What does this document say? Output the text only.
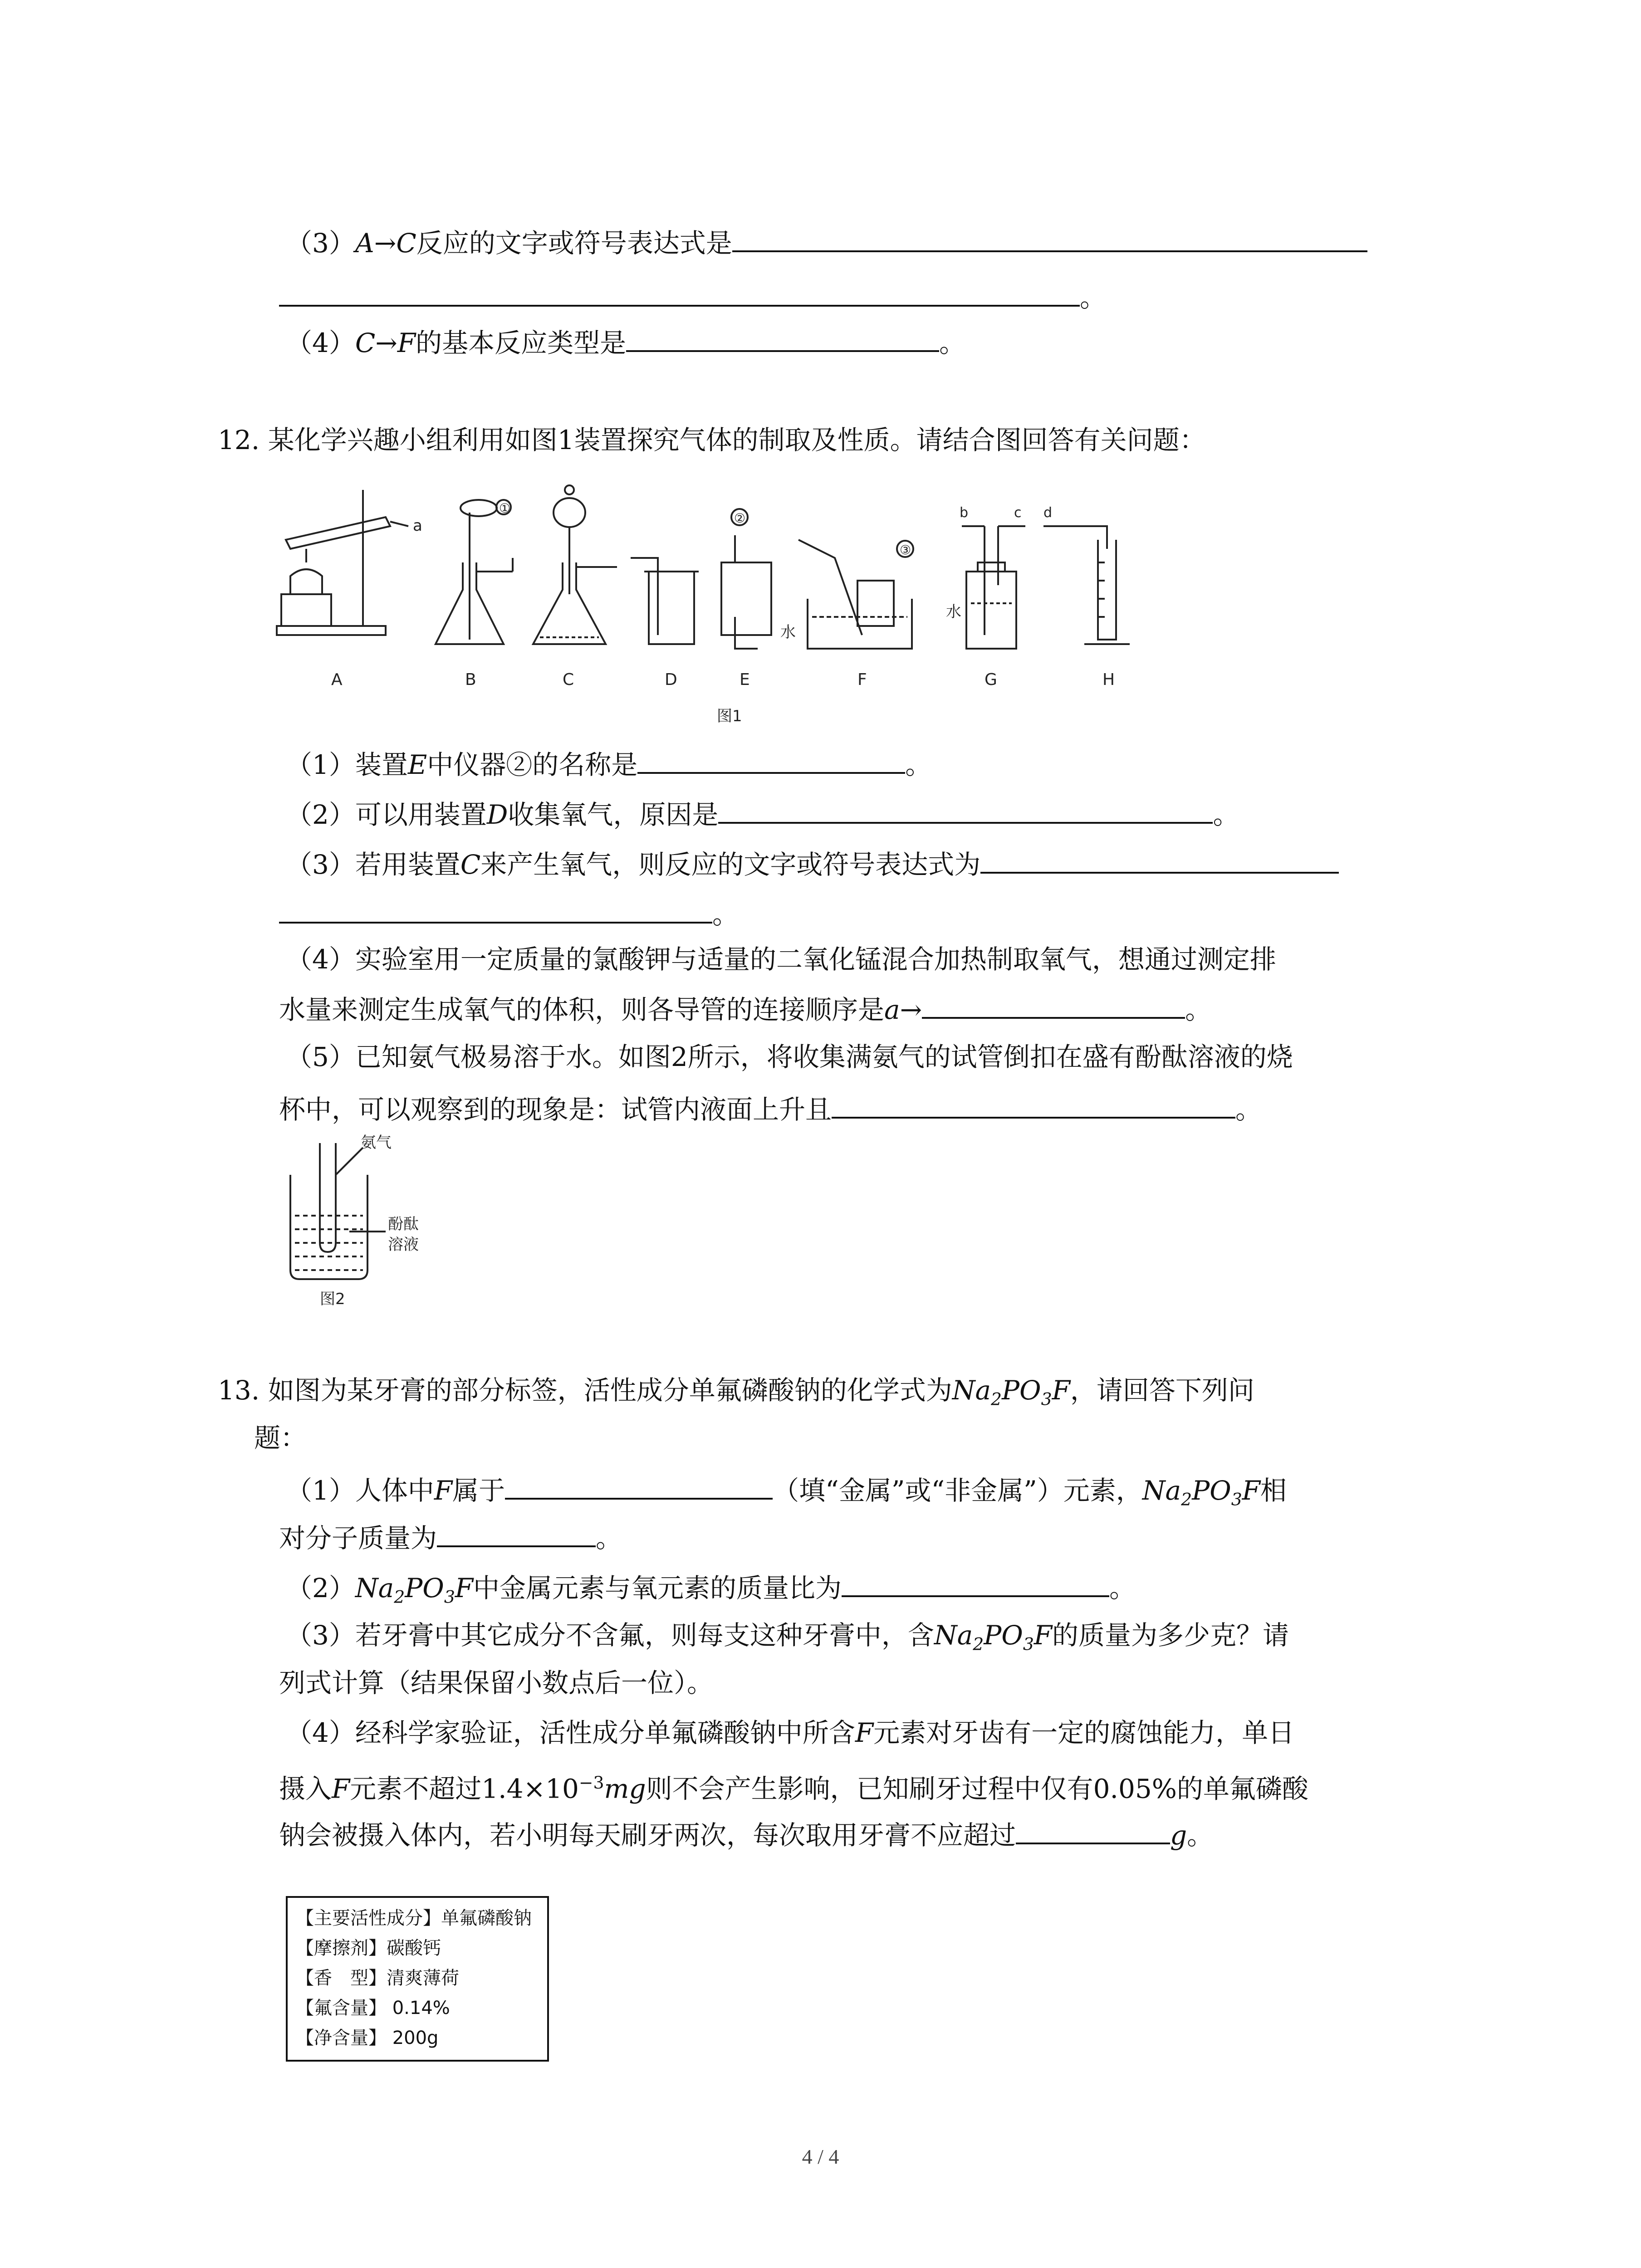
（3）A→C反应的文字或符号表达式是
。
（4）C→F的基本反应类型是	。
12. 某化学兴趣小组利用如图1装置探究气体的制取及性质。请结合图回答有关问题：
a
①
②
③
水
水
b	c d
A	B	C	D	E	F	G	H
图1
（1）装置E中仪器②的名称是	。
（2）可以用装置D收集氧气，原因是	。
（3）若用装置C来产生氧气，则反应的文字或符号表达式为
。
（4）实验室用一定质量的氯酸钾与适量的二氧化锰混合加热制取氧气，想通过测定排
水量来测定生成氧气的体积，则各导管的连接顺序是a→	。
（5）已知氨气极易溶于水。如图2所示，将收集满氨气的试管倒扣在盛有酚酞溶液的烧
杯中，可以观察到的现象是：试管内液面上升且	。
氨气
酚酞
溶液
图2
13. 如图为某牙膏的部分标签，活性成分单氟磷酸钠的化学式为$Na_2PO_3F$，请回答下列问
题：
（1）人体中F属于	（填“金属”或“非金属”）元素，$Na_2PO_3F$相
对分子质量为	。
$(2)Na_2PO_3F$中金属元素与氧元素的质量比为	。
（3）若牙膏中其它成分不含氟，则每支这种牙膏中，含$Na_2PO_3F$的质量为多少克？请
列式计算（结果保留小数点后一位）。
（4）经科学家验证，活性成分单氟磷酸钠中所含F元素对牙齿有一定的腐蚀能力，单日
摄入F元素不超过$1.4\times 10^{-3}mg$则不会产生影响，已知刷牙过程中仅有0.05%的单氟磷酸
钠会被摄入体内，若小明每天刷牙两次，每次取用牙膏不应超过	g。
【主要活性成分】单氟磷酸钠
【摩擦剂】碳酸钙
【香　型】清爽薄荷
【氟含量】 0.14%
【净含量】 200g
4 / 4
